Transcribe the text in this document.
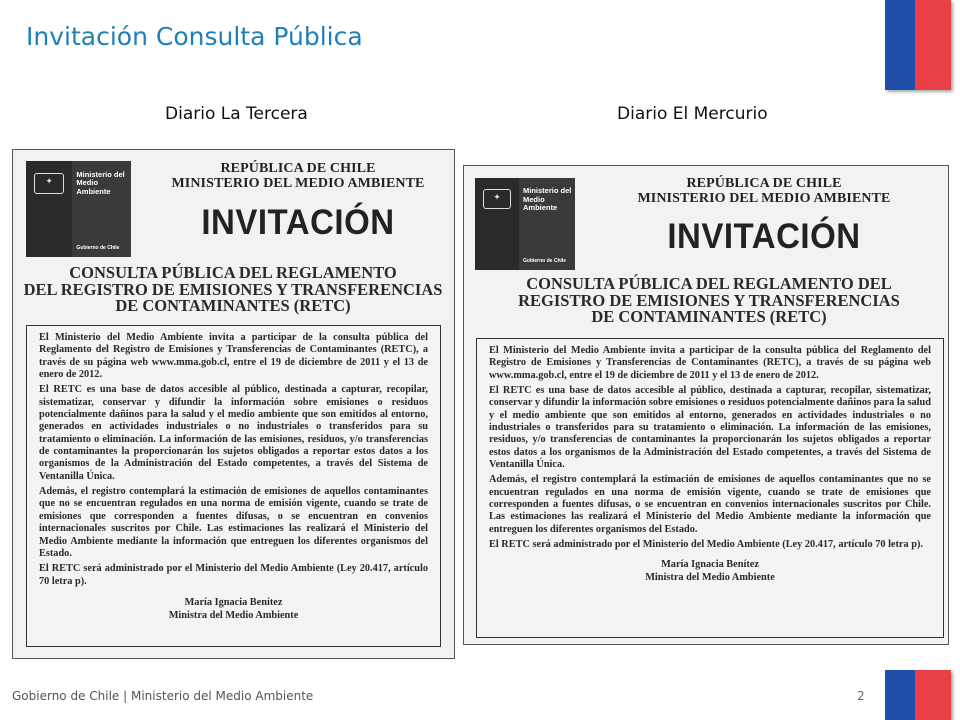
Invitación Consulta Pública
Diario La Tercera	Diario El Mercurio
✦
Ministerio del
Medio
Ambiente
Gobierno de Chile
REPÚBLICA DE CHILE
MINISTERIO DEL MEDIO AMBIENTE
INVITACIÓN
CONSULTA PÚBLICA DEL REGLAMENTO
DEL REGISTRO DE EMISIONES Y TRANSFERENCIAS
DE CONTAMINANTES (RETC)

El Ministerio del Medio Ambiente invita a participar de la consulta pública del Reglamento del Registro de Emisiones y Transferencias de Contaminantes (RETC), a través de su página web www.mma.gob.cl, entre el 19 de diciembre de 2011 y el 13 de enero de 2012.

El RETC es una base de datos accesible al público, destinada a capturar, recopilar, sistematizar, conservar y difundir la información sobre emisiones o residuos potencialmente dañinos para la salud y el medio ambiente que son emitidos al entorno, generados en actividades industriales o no industriales o transferidos para su tratamiento o eliminación. La información de las emisiones, residuos, y/o transferencias de contaminantes la proporcionarán los sujetos obligados a reportar estos datos a los organismos de la Administración del Estado competentes, a través del Sistema de Ventanilla Única.

Además, el registro contemplará la estimación de emisiones de aquellos contaminantes que no se encuentran regulados en una norma de emisión vigente, cuando se trate de emisiones que corresponden a fuentes difusas, o se encuentran en convenios internacionales suscritos por Chile. Las estimaciones las realizará el Ministerio del Medio Ambiente mediante la información que entreguen los diferentes organismos del Estado.

El RETC será administrado por el Ministerio del Medio Ambiente (Ley 20.417, artículo 70 letra p).

María Ignacia Benítez
Ministra del Medio Ambiente
✦
Ministerio del
Medio
Ambiente
Gobierno de Chile
REPÚBLICA DE CHILE
MINISTERIO DEL MEDIO AMBIENTE
INVITACIÓN
CONSULTA PÚBLICA DEL REGLAMENTO DEL
REGISTRO DE EMISIONES Y TRANSFERENCIAS
DE CONTAMINANTES (RETC)

El Ministerio del Medio Ambiente invita a participar de la consulta pública del Reglamento del Registro de Emisiones y Transferencias de Contaminantes (RETC), a través de su página web www.mma.gob.cl, entre el 19 de diciembre de 2011 y el 13 de enero de 2012.

El RETC es una base de datos accesible al público, destinada a capturar, recopilar, sistematizar, conservar y difundir la información sobre emisiones o residuos potencialmente dañinos para la salud y el medio ambiente que son emitidos al entorno, generados en actividades industriales o no industriales o transferidos para su tratamiento o eliminación. La información de las emisiones, residuos, y/o transferencias de contaminantes la proporcionarán los sujetos obligados a reportar estos datos a los organismos de la Administración del Estado competentes, a través del Sistema de Ventanilla Única.

Además, el registro contemplará la estimación de emisiones de aquellos contaminantes que no se encuentran regulados en una norma de emisión vigente, cuando se trate de emisiones que corresponden a fuentes difusas, o se encuentran en convenios internacionales suscritos por Chile. Las estimaciones las realizará el Ministerio del Medio Ambiente mediante la información que entreguen los diferentes organismos del Estado.

El RETC será administrado por el Ministerio del Medio Ambiente (Ley 20.417, artículo 70 letra p).

María Ignacia Benítez
Ministra del Medio Ambiente
Gobierno de Chile | Ministerio del Medio Ambiente	2
